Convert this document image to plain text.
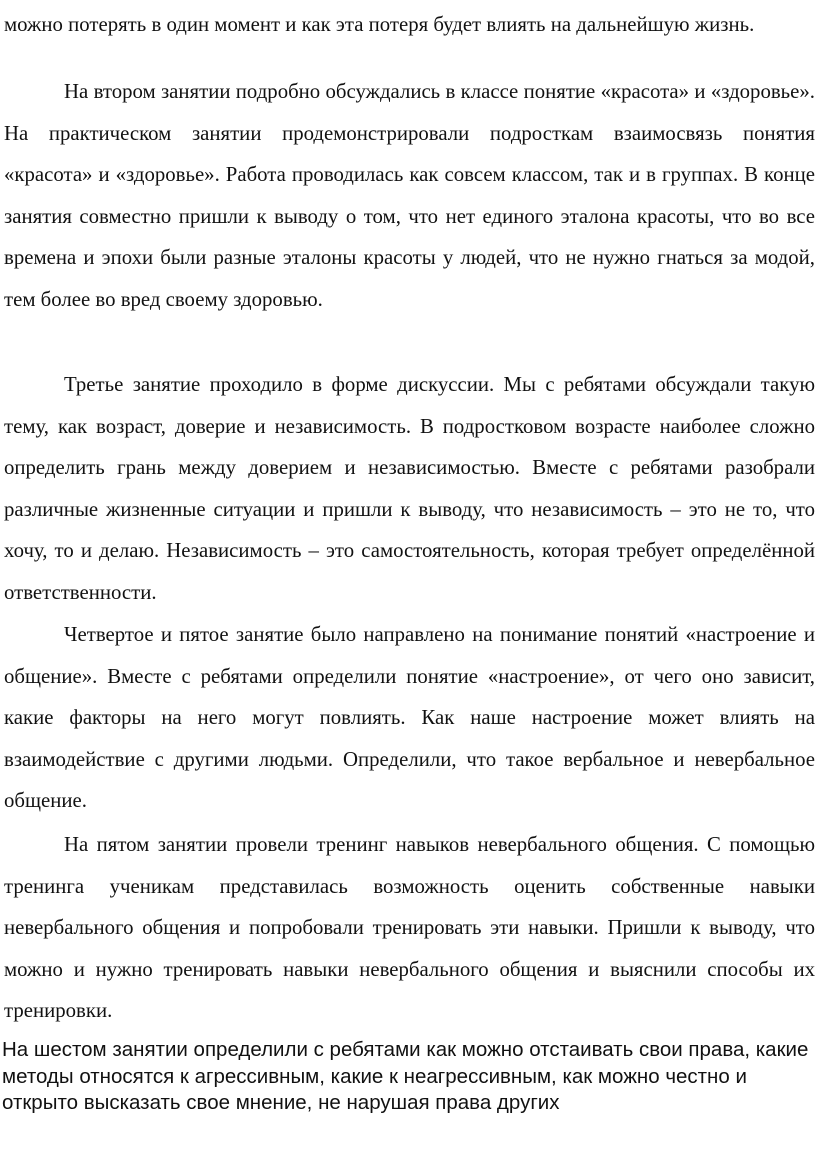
можно потерять в один момент и как эта потеря будет влиять на дальнейшую жизнь.

На втором занятии подробно обсуждались в классе понятие «красота» и «здоровье». На практическом занятии продемонстрировали подросткам взаимосвязь понятия «красота» и «здоровье». Работа проводилась как совсем классом, так и в группах. В конце занятия совместно пришли к выводу о том, что нет единого эталона красоты, что во все времена и эпохи были разные эталоны красоты у людей, что не нужно гнаться за модой, тем более во вред своему здоровью.

Третье занятие проходило в форме дискуссии. Мы с ребятами обсуждали такую тему, как возраст, доверие и независимость. В подростковом возрасте наиболее сложно определить грань между доверием и независимостью. Вместе с ребятами разобрали различные жизненные ситуации и пришли к выводу, что независимость – это не то, что хочу, то и делаю. Независимость – это самостоятельность, которая требует определённой ответственности.

Четвертое и пятое занятие было направлено на понимание понятий «настроение и общение». Вместе с ребятами определили понятие «настроение», от чего оно зависит, какие факторы на него могут повлиять. Как наше настроение может влиять на взаимодействие с другими людьми. Определили, что такое вербальное и невербальное общение.

На пятом занятии провели тренинг навыков невербального общения. С помощью тренинга ученикам представилась возможность оценить собственные навыки невербального общения и попробовали тренировать эти навыки. Пришли к выводу, что можно и нужно тренировать навыки невербального общения и выяснили способы их тренировки.

На шестом занятии определили с ребятами как можно отстаивать свои права, какие методы относятся к агрессивным, какие к неагрессивным, как можно честно и открыто высказать свое мнение, не нарушая права других
